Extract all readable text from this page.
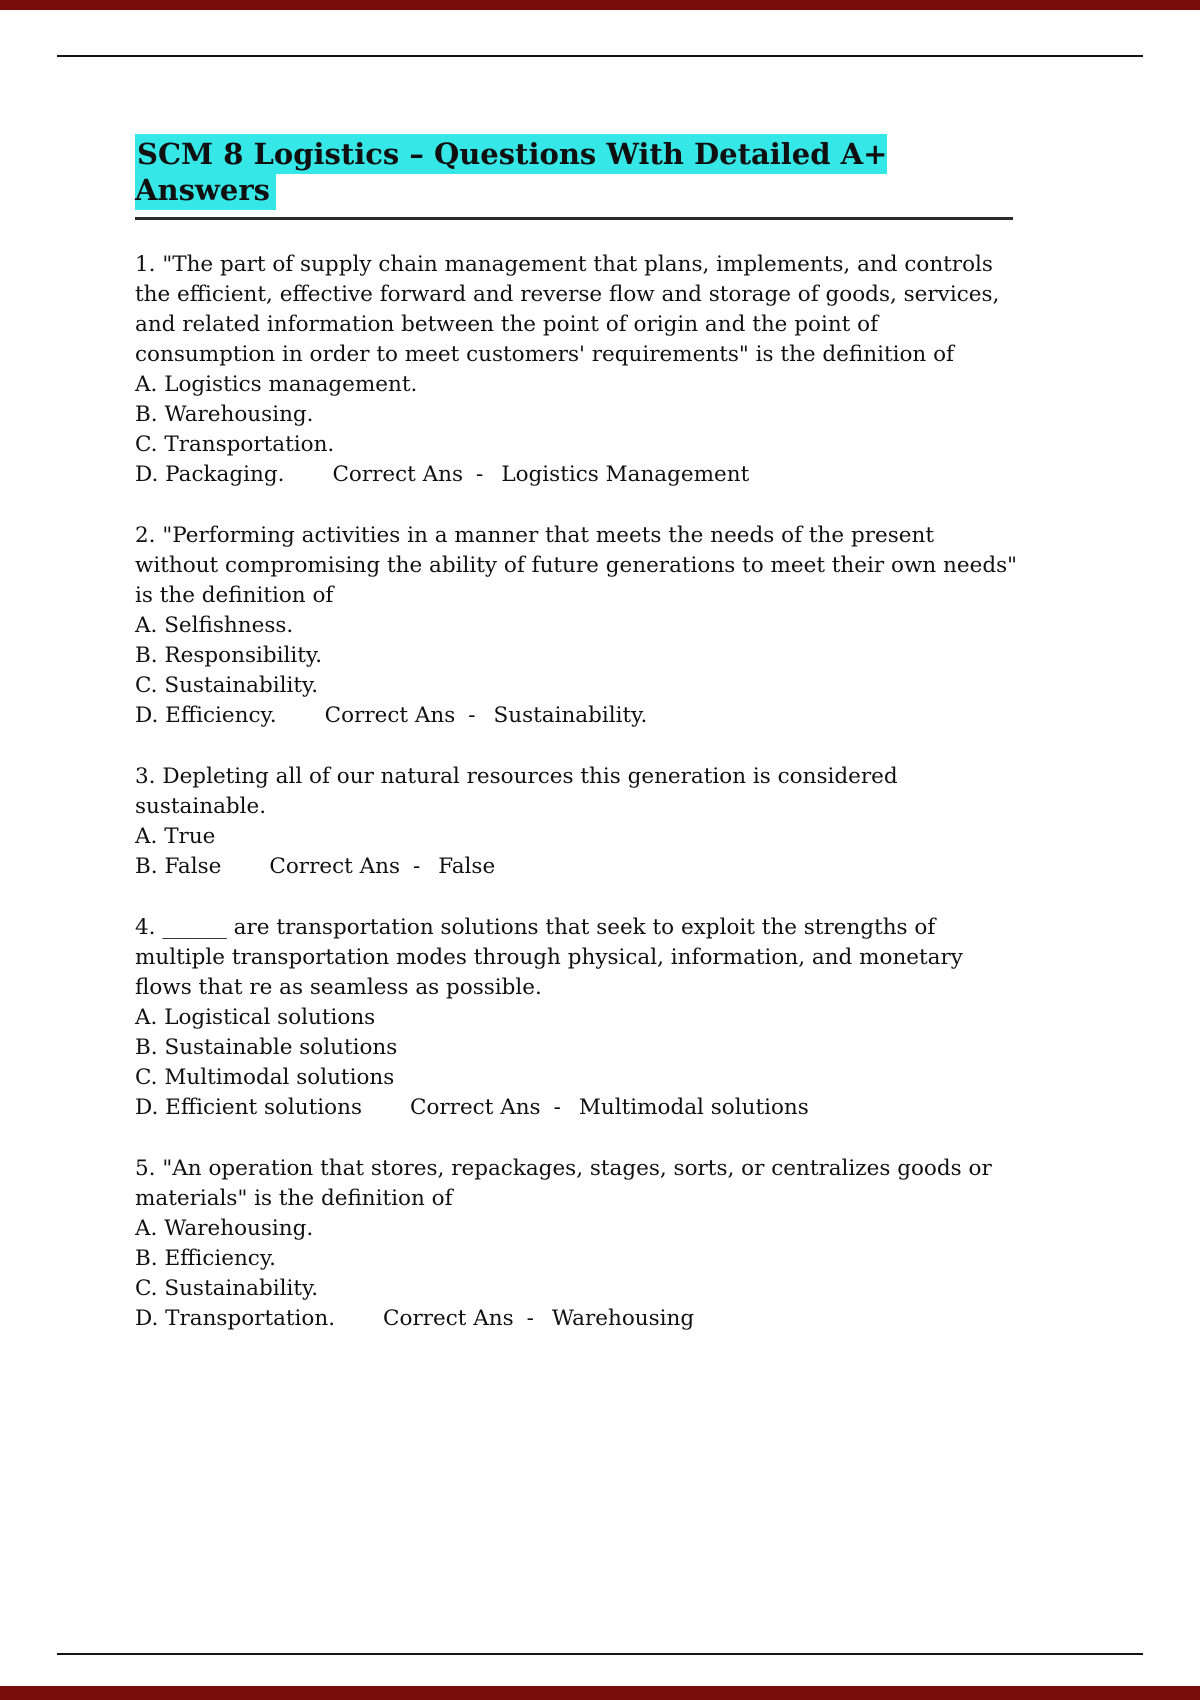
SCM 8 Logistics – Questions With Detailed A+ Answers

1. "The part of supply chain management that plans, implements, and controls the efficient, effective forward and reverse flow and storage of goods, services, and related information between the point of origin and the point of consumption in order to meet customers' requirements" is the definition of

A. Logistics management.
B. Warehousing.
C. Transportation.
D. Packaging. Correct Ans - Logistics Management

2. "Performing activities in a manner that meets the needs of the present without compromising the ability of future generations to meet their own needs" is the definition of

A. Selfishness.
B. Responsibility.
C. Sustainability.
D. Efficiency. Correct Ans - Sustainability.

3. Depleting all of our natural resources this generation is considered sustainable.

A. True
B. False Correct Ans - False

4. ______ are transportation solutions that seek to exploit the strengths of multiple transportation modes through physical, information, and monetary flows that re as seamless as possible.

A. Logistical solutions
B. Sustainable solutions
C. Multimodal solutions
D. Efficient solutions Correct Ans - Multimodal solutions

5. "An operation that stores, repackages, stages, sorts, or centralizes goods or materials" is the definition of

A. Warehousing.
B. Efficiency.
C. Sustainability.
D. Transportation. Correct Ans - Warehousing
